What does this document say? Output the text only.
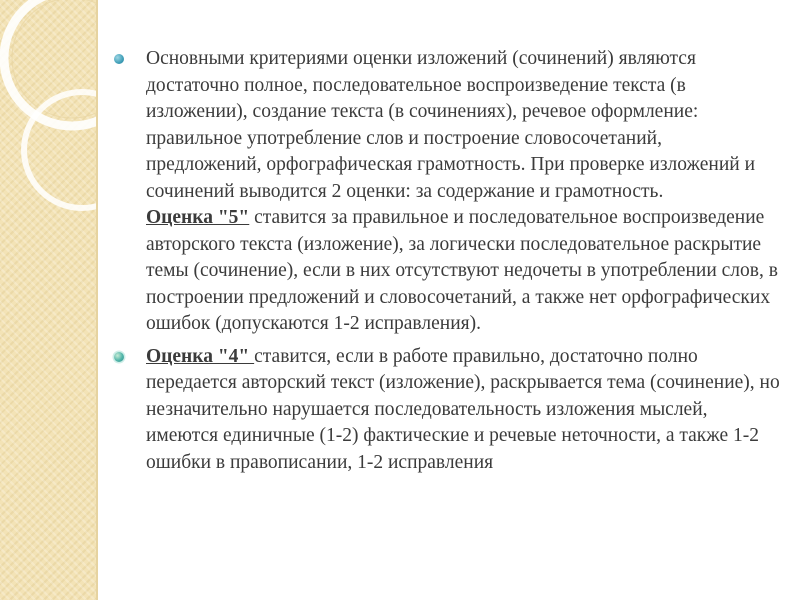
Основными критериями оценки изложений (сочинений) являются достаточно полное, последовательное воспроизведение текста (в изложении), создание текста (в сочинениях), речевое оформление: правильное употребление слов и построение словосочетаний, предложений, орфографическая грамотность. При проверке изложений и сочинений выводится 2 оценки: за содержание и грамотность.
Оценка "5" ставится за правильное и последовательное воспроизведение авторского текста (изложение), за логически последовательное раскрытие темы (сочинение), если в них отсутствуют недочеты в употреблении слов, в построении предложений и словосочетаний, а также нет орфографических ошибок (допускаются 1-2 исправления).
Оценка "4" ставится, если в работе правильно, достаточно полно передается авторский текст (изложение), раскрывается тема (сочинение), но незначительно нарушается последовательность изложения мыслей, имеются единичные (1-2) фактические и речевые неточности, а также 1-2 ошибки в правописании, 1-2 исправления
